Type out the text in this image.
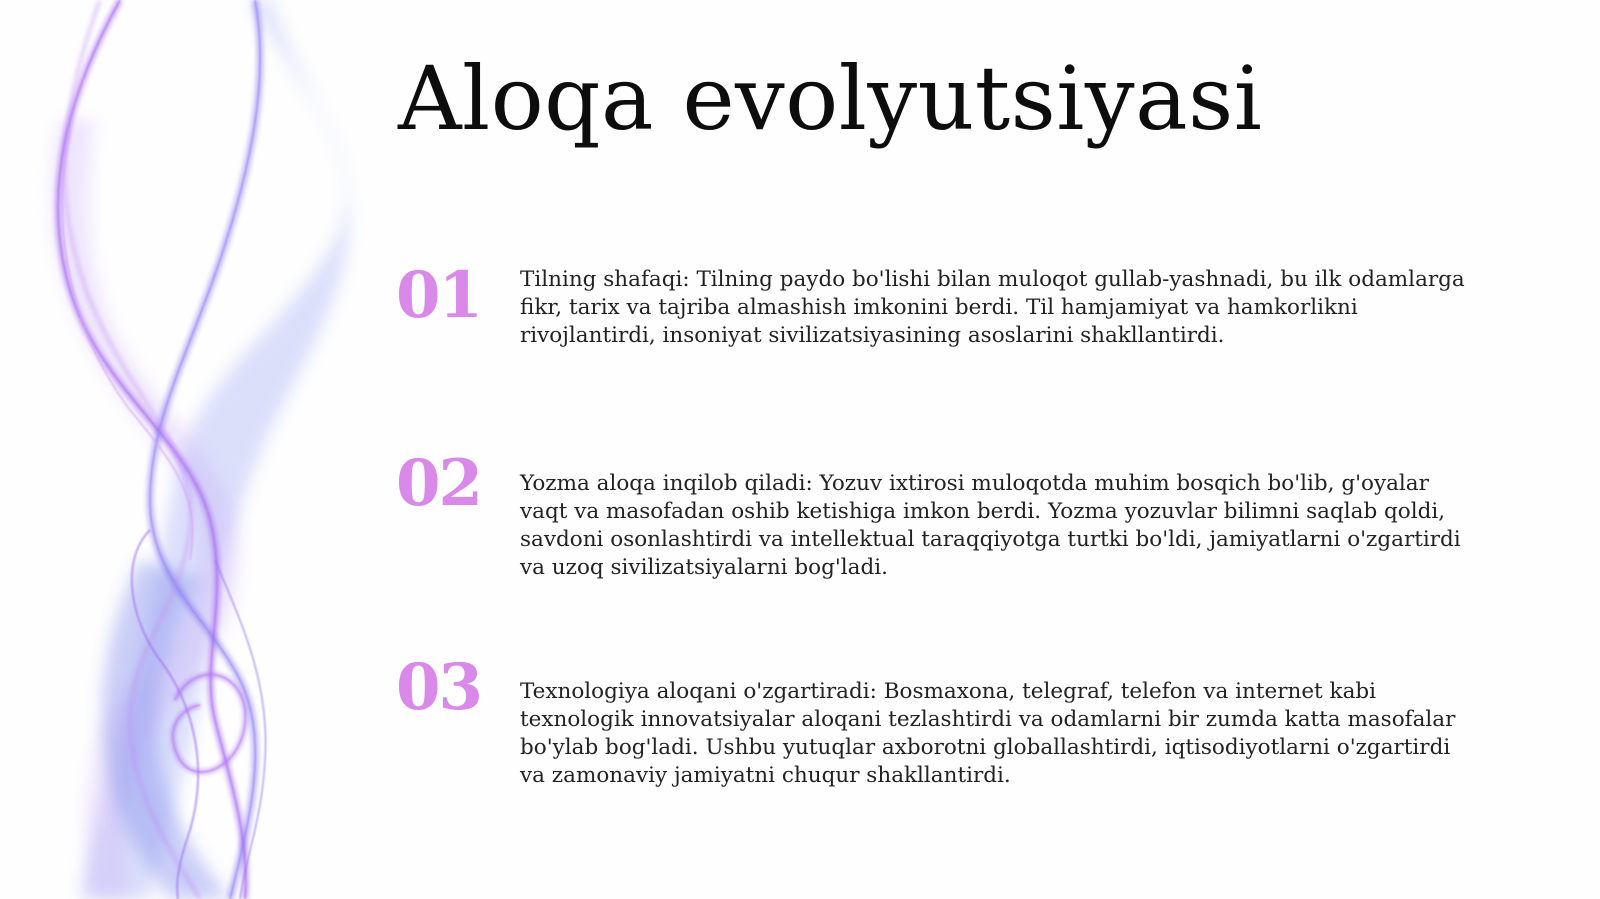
Aloqa evolyutsiyasi
01 Tilning shafaqi: Tilning paydo bo'lishi bilan muloqot gullab-yashnadi, bu ilk odamlarga fikr, tarix va tajriba almashish imkonini berdi. Til hamjamiyat va hamkorlikni rivojlantirdi, insoniyat sivilizatsiyasining asoslarini shakllantirdi.

02 Yozma aloqa inqilob qiladi: Yozuv ixtirosi muloqotda muhim bosqich bo'lib, g'oyalar vaqt va masofadan oshib ketishiga imkon berdi. Yozma yozuvlar bilimni saqlab qoldi, savdoni osonlashtirdi va intellektual taraqqiyotga turtki bo'ldi, jamiyatlarni o'zgartirdi va uzoq sivilizatsiyalarni bog'ladi.

03 Texnologiya aloqani o'zgartiradi: Bosmaxona, telegraf, telefon va internet kabi texnologik innovatsiyalar aloqani tezlashtirdi va odamlarni bir zumda katta masofalar bo'ylab bog'ladi. Ushbu yutuqlar axborotni globallashtirdi, iqtisodiyotlarni o'zgartirdi va zamonaviy jamiyatni chuqur shakllantirdi.
